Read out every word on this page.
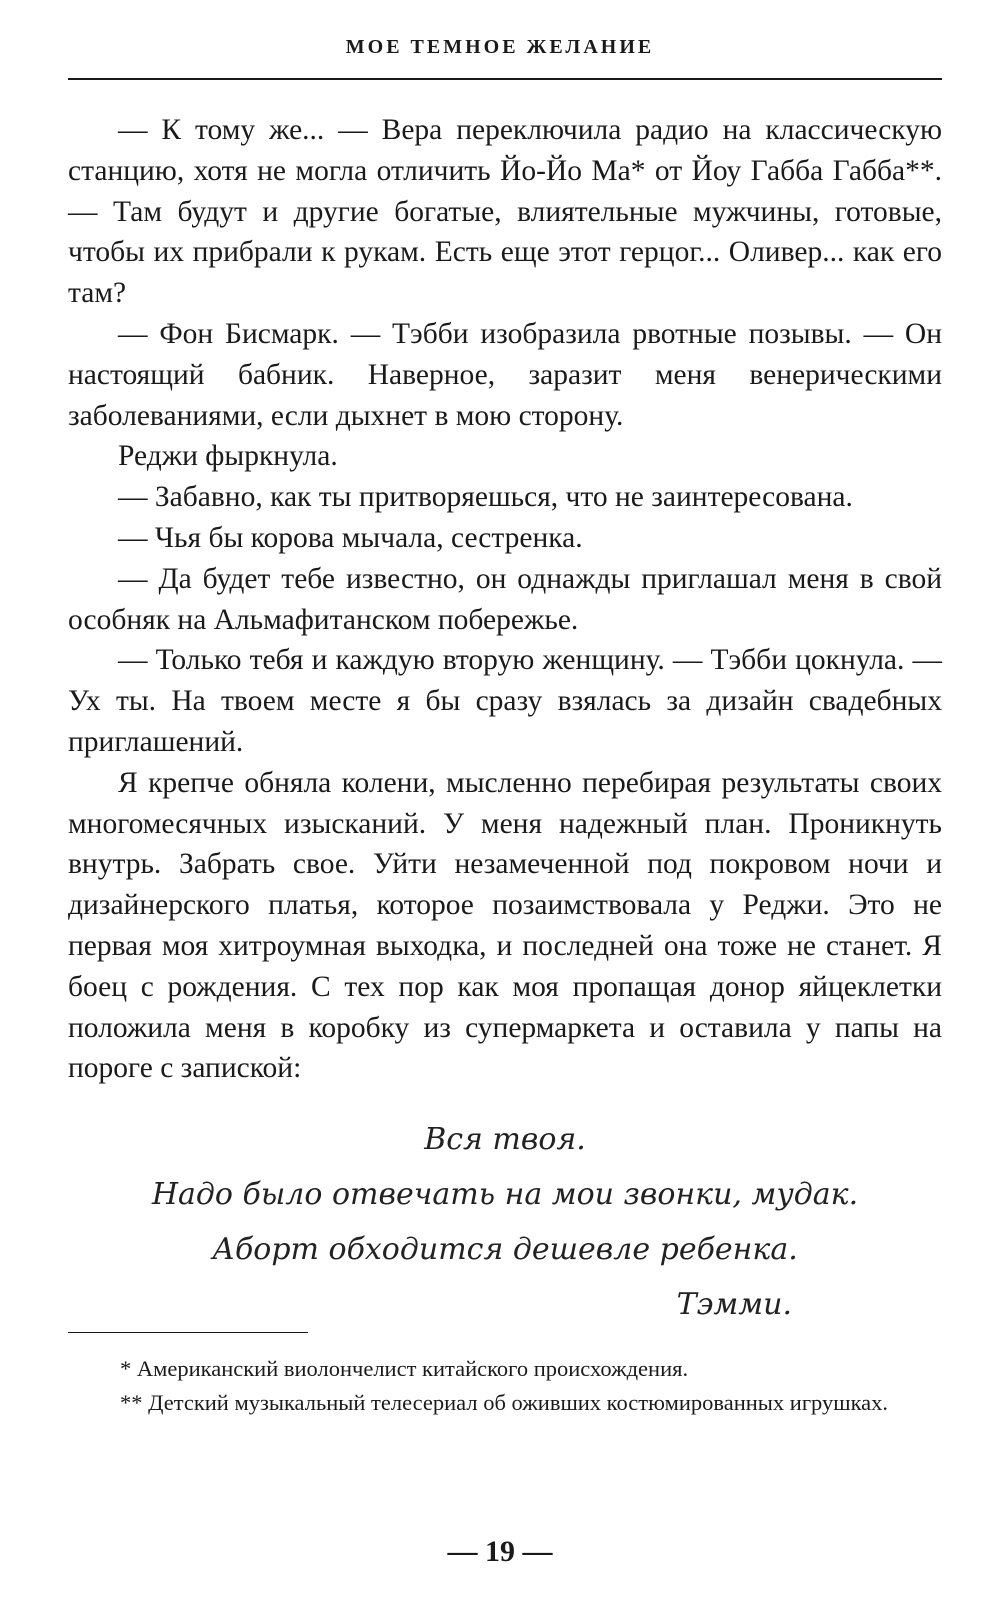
МОЕ ТЕМНОЕ ЖЕЛАНИЕ

— К тому же... — Вера переключила радио на классическую станцию, хотя не могла отличить Йо-Йо Ма* от Йоу Габба Габба**. — Там будут и другие богатые, влиятельные мужчины, готовые, чтобы их прибрали к рукам. Есть еще этот герцог... Оливер... как его там?

— Фон Бисмарк. — Тэбби изобразила рвотные позывы. — Он настоящий бабник. Наверное, заразит меня венерическими заболеваниями, если дыхнет в мою сторону.

Реджи фыркнула.

— Забавно, как ты притворяешься, что не заинтересована.

— Чья бы корова мычала, сестренка.

— Да будет тебе известно, он однажды приглашал меня в свой особняк на Альмафитанском побережье.

— Только тебя и каждую вторую женщину. — Тэбби цокнула. — Ух ты. На твоем месте я бы сразу взялась за дизайн свадебных приглашений.

Я крепче обняла колени, мысленно перебирая результаты своих многомесячных изысканий. У меня надежный план. Проникнуть внутрь. Забрать свое. Уйти незамеченной под покровом ночи и дизайнерского платья, которое позаимствовала у Реджи. Это не первая моя хитроумная выходка, и последней она тоже не станет. Я боец с рождения. С тех пор как моя пропащая донор яйцеклетки положила меня в коробку из супермаркета и оставила у папы на пороге с запиской:

Вся твоя.
Надо было отвечать на мои звонки, мудак.
Аборт обходится дешевле ребенка.
Тэмми.

* Американский виолончелист китайского происхождения.

** Детский музыкальный телесериал об оживших костюмированных игрушках.

— 19 —
